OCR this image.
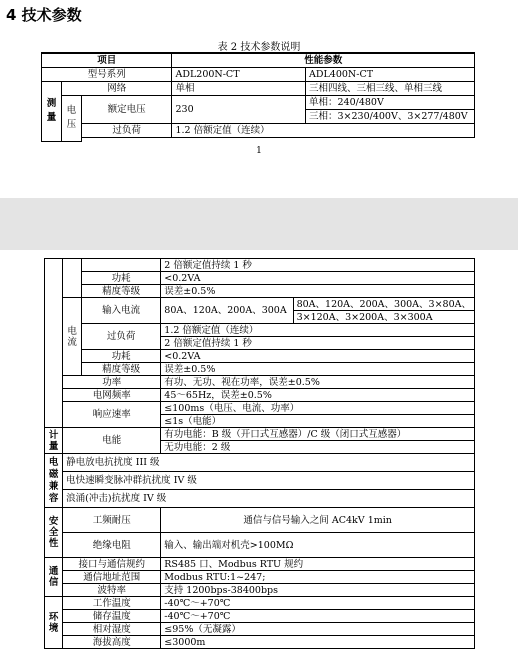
4 技术参数
表 2 技术参数说明
项目			性能参数	
型号系列			ADL200N-CT	ADL400N-CT
测量	网络		单相	三相四线、三相三线、单相三线
	电压	额定电压	230	单相：240/480V
				三相：3×230/400V、3×277/480V
		过负荷	1.2 倍额定值（连续）	

1
			2 倍额定值持续 1 秒	
		功耗	<0.2VA	
		精度等级	误差±0.5%	
	电流	输入电流	80A、120A、200A、300A	80A、120A、200A、300A、3×80A、
				3×120A、3×200A、3×300A
		过负荷	1.2 倍额定值（连续）	
			2 倍额定值持续 1 秒	
		功耗	<0.2VA	
		精度等级	误差±0.5%	
	功率		有功、无功、视在功率，误差±0.5%	
	电网频率		45～65Hz，误差±0.5%	
	响应速率		≤100ms（电压、电流、功率）	
			≤1s（电能）	
计量	电能		有功电能：B 级（开口式互感器）/C 级（闭口式互感器）	
			无功电能：2 级	
电磁兼容	静电放电抗扰度 III 级			
	电快速瞬变脉冲群抗扰度 IV 级			
	浪涌(冲击)抗扰度 IV 级			
安全性	工频耐压		通信与信号输入之间 AC4kV 1min	
	绝缘电阻		输入、输出端对机壳>100MΩ	
通信	接口与通信规约		RS485 口、Modbus RTU 规约	
	通信地址范围		Modbus RTU:1~247;	
	波特率		支持 1200bps-38400bps	
环境	工作温度		-40℃～+70℃	
	储存温度		-40℃～+70℃	
	相对湿度		≤95%（无凝露）	
	海拔高度		≤3000m	
